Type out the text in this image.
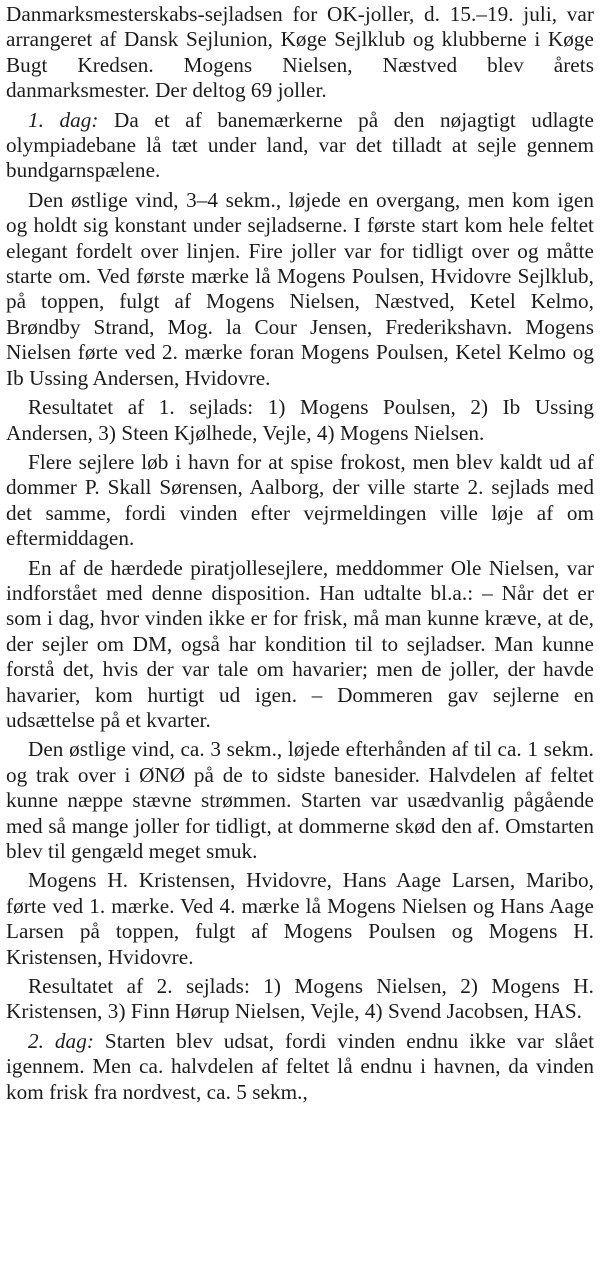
Danmarksmesterskabs-sejladsen for OK-joller, d. 15.–19. juli, var arrangeret af Dansk Sejlunion, Køge Sejlklub og klubberne i Køge Bugt Kredsen. Mogens Nielsen, Næstved blev årets danmarksmester. Der deltog 69 joller.

1. dag: Da et af banemærkerne på den nøjagtigt udlagte olympiadebane lå tæt under land, var det tilladt at sejle gennem bundgarnspælene.

Den østlige vind, 3–4 sekm., løjede en overgang, men kom igen og holdt sig konstant under sejladserne. I første start kom hele feltet elegant fordelt over linjen. Fire joller var for tidligt over og måtte starte om. Ved første mærke lå Mogens Poulsen, Hvidovre Sejlklub, på toppen, fulgt af Mogens Nielsen, Næstved, Ketel Kelmo, Brøndby Strand, Mog. la Cour Jensen, Frederikshavn. Mogens Nielsen førte ved 2. mærke foran Mogens Poulsen, Ketel Kelmo og Ib Ussing Andersen, Hvidovre.

Resultatet af 1. sejlads: 1) Mogens Poulsen, 2) Ib Ussing Andersen, 3) Steen Kjølhede, Vejle, 4) Mogens Nielsen.

Flere sejlere løb i havn for at spise frokost, men blev kaldt ud af dommer P. Skall Sørensen, Aalborg, der ville starte 2. sejlads med det samme, fordi vinden efter vejrmeldingen ville løje af om eftermiddagen.

En af de hærdede piratjollesejlere, meddommer Ole Nielsen, var indforstået med denne disposition. Han udtalte bl.a.: – Når det er som i dag, hvor vinden ikke er for frisk, må man kunne kræve, at de, der sejler om DM, også har kondition til to sejladser. Man kunne forstå det, hvis der var tale om havarier; men de joller, der havde havarier, kom hurtigt ud igen. – Dommeren gav sejlerne en udsættelse på et kvarter.

Den østlige vind, ca. 3 sekm., løjede efterhånden af til ca. 1 sekm. og trak over i ØNØ på de to sidste banesider. Halvdelen af feltet kunne næppe stævne strømmen. Starten var usædvanlig pågående med så mange joller for tidligt, at dommerne skød den af. Omstarten blev til gengæld meget smuk.

Mogens H. Kristensen, Hvidovre, Hans Aage Larsen, Maribo, førte ved 1. mærke. Ved 4. mærke lå Mogens Nielsen og Hans Aage Larsen på toppen, fulgt af Mogens Poulsen og Mogens H. Kristensen, Hvidovre.

Resultatet af 2. sejlads: 1) Mogens Nielsen, 2) Mogens H. Kristensen, 3) Finn Hørup Nielsen, Vejle, 4) Svend Jacobsen, HAS.

2. dag: Starten blev udsat, fordi vinden endnu ikke var slået igennem. Men ca. halvdelen af feltet lå endnu i havnen, da vinden kom frisk fra nordvest, ca. 5 sekm.,
